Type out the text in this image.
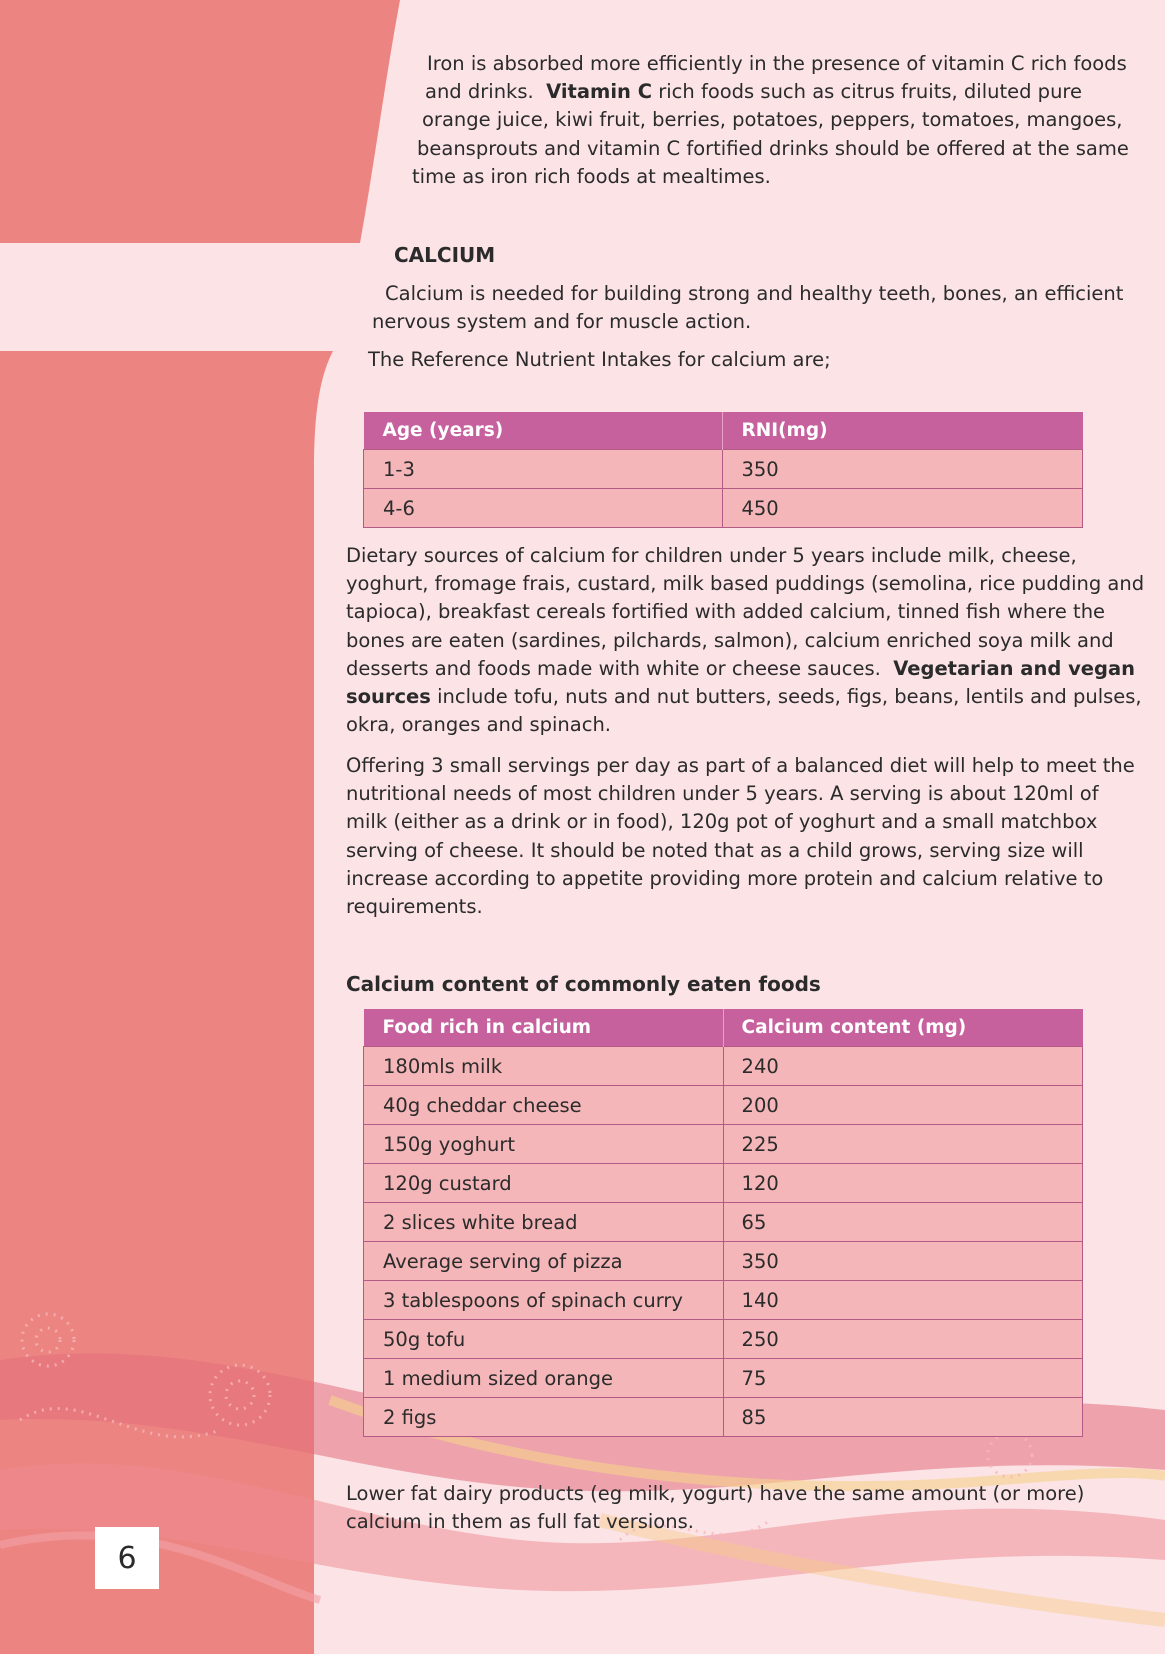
Iron is absorbed more efficiently in the presence of vitamin C rich foods
and drinks. Vitamin C rich foods such as citrus fruits, diluted pure
orange juice, kiwi fruit, berries, potatoes, peppers, tomatoes, mangoes,
beansprouts and vitamin C fortified drinks should be offered at the same
time as iron rich foods at mealtimes.

CALCIUM

Calcium is needed for building strong and healthy teeth, bones, an efficient
nervous system and for muscle action.

The Reference Nutrient Intakes for calcium are;

Age (years)	RNI(mg)
1-3	350
4-6	450

Dietary sources of calcium for children under 5 years include milk, cheese,
yoghurt, fromage frais, custard, milk based puddings (semolina, rice pudding and
tapioca), breakfast cereals fortified with added calcium, tinned fish where the
bones are eaten (sardines, pilchards, salmon), calcium enriched soya milk and
desserts and foods made with white or cheese sauces. Vegetarian and vegan
sources include tofu, nuts and nut butters, seeds, figs, beans, lentils and pulses,
okra, oranges and spinach.

Offering 3 small servings per day as part of a balanced diet will help to meet the
nutritional needs of most children under 5 years. A serving is about 120ml of
milk (either as a drink or in food), 120g pot of yoghurt and a small matchbox
serving of cheese. It should be noted that as a child grows, serving size will
increase according to appetite providing more protein and calcium relative to
requirements.

Calcium content of commonly eaten foods
Food rich in calcium	Calcium content (mg)
180mls milk	240
40g cheddar cheese	200
150g yoghurt	225
120g custard	120
2 slices white bread	65
Average serving of pizza	350
3 tablespoons of spinach curry	140
50g tofu	250
1 medium sized orange	75
2 figs	85

Lower fat dairy products (eg milk, yogurt) have the same amount (or more)
calcium in them as full fat versions.

6
